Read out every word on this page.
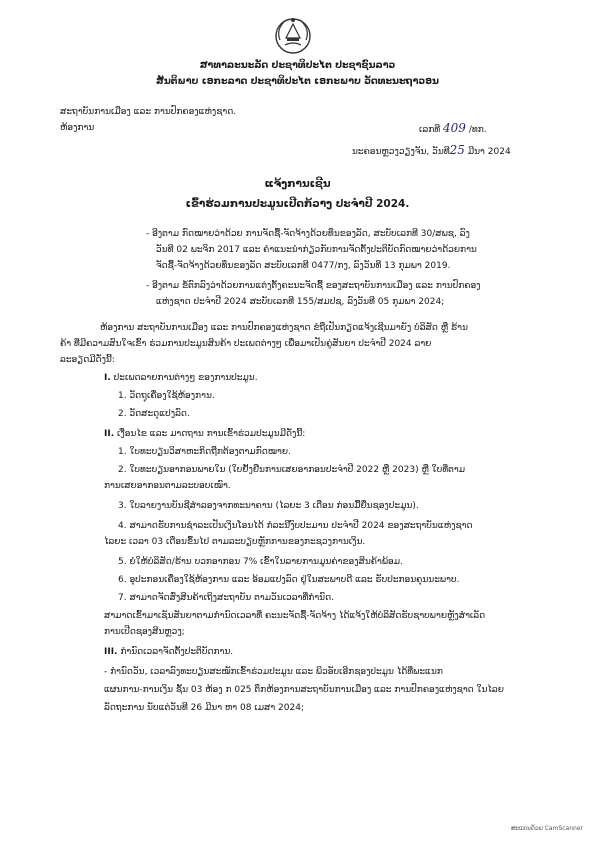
ສາທາລະນະລັດ ປະຊາທິປະໄຕ ປະຊາຊົນລາວ
ສັນຕິພາບ ເອກະລາດ ປະຊາທິປະໄຕ ເອກະພາບ ວັດທະນະຖາວອນ
ສະຖາບັນການເມືອງ ແລະ ການປົກຄອງແຫ່ງຊາດ.
ຫ້ອງການ	ເລກທີ 409 /ທກ.
ນະຄອນຫຼວງວຽງຈັນ, ວັນທີ25 ມີນາ 2024
ແຈ້ງການເຊີນ
ເຂົ້າຮ່ວມການປະມູນເປີດກ້ວາງ ປະຈໍາປີ 2024.
- ອີງຕາມ ກົດໝາຍວ່າດ້ວຍ ການຈັດຊື້-ຈັດຈ້າງດ້ວຍທຶນຂອງລັດ, ສະບັບເລກທີ 30/ສພຊ, ລົງ
ວັນທີ 02 ພະຈິກ 2017 ແລະ ຄໍາແນະນໍາກ່ຽວກັບການຈັດຕັ້ງປະຕິບັດກົດໝາຍວ່າດ້ວຍການ
ຈັດຊື້-ຈັດຈ້າງດ້ວຍທຶນຂອງລັດ ສະບັບເລກທີ 0477/ກງ, ລົງວັນທີ 13 ກຸມພາ 2019.
- ອີງຕາມ ຂໍ້ຕົກລົງວ່າດ້ວຍການແຕ່ງຕັ້ງຄະນະຈັດຊື້ ຂອງສະຖາບັນການເມືອງ ແລະ ການປົກຄອງ
ແຫ່ງຊາດ ປະຈໍາປີ 2024 ສະບັບເລກທີ 155/ສມປຊ, ລົງວັນທີ 05 ກຸມພາ 2024;
ຫ້ອງການ ສະຖາບັນການເມືອງ ແລະ ການປົກຄອງແຫ່ງຊາດ ຂໍຖືເປັນກຽດແຈ້ງເຊີນມາຍັງ ບໍລິສັດ ຫຼື ຮ້ານ
ຄ້າ ທີ່ມີຄວາມສົນໃຈເຂົ້າ ຮ່ວມການປະມູນສິນຄ້າ ປະເພດຕ່າງໆ ເພື່ອມາເປັນຄູ່ສັນຍາ ປະຈໍາປີ 2024 ລາຍ
ລະອຽດມີດັ່ງນີ້:
I. ປະເພດລາຍການຕ່າງໆ ຂອງການປະມູນ.
1. ວັດຖຸເຄື່ອງໃຊ້ຫ້ອງການ.
2. ວັດສະດຸແປງລົດ.
II. ເງື່ອນໄຂ ແລະ ມາດຖານ ການເຂົ້າຮ່ວມປະມູນມີດັ່ງນີ້:
1. ໃບທະບຽນວິສາຫະກິດຖືກຕ້ອງຕາມກົດໝາຍ.
2. ໃບທະບຽນອາກອນພາຍໃນ (ໃບຢັ້ງຢືນການເສຍອາກອນປະຈໍາປີ 2022 ຫຼື 2023) ຫຼື ໃບທີ່ຕາມ
ການເສຍອາກອນຕາມລະບອບເໝົາ.
3. ໃບລາຍງານບັນຊີສໍາລອງຈາກທະນາຄານ (ໄລຍະ 3 ເດືອນ ກ່ອນມື້ຍື່ນຊອງປະມູນ).
4. ສາມາດຮັບການຊໍາລະເປັນເງິນໂອນໄດ້ ກໍລະນີງົບປະມານ ປະຈໍາປີ 2024 ຂອງສະຖາບັນແຫ່ງຊາດ
ໄລຍະ ເວລາ 03 ເດືອນຂຶ້ນໄປ ຕາມລະບຽບຫຼັກການຂອງກະຊວງການເງິນ.
5. ຍໍໃຫ້ບໍລິສັດ/ຮ້ານ ບວກອາກອນ 7% ເຂົ້າໃນລາຍການມູນຄ່າຂອງສິນຄ້າພ້ອມ.
6. ອຸປະກອນເຄື່ອງໃຊ້ຫ້ອງການ ແລະ ອ້ອມແປງລົດ ຢູ່ໃນສະພາບດີ ແລະ ຮັບປະກອນຄຸນນະພາບ.
7. ສາມາດຈັດສົ່ງສິນຄ້າເຖິງສະຖາບັນ ຕາມວັນເວລາທີ່ກໍານົດ.
ສາມາດເຂົ້າມາເຊັນສັນຍາຕາມກໍານົດເວລາທີ່ ຄະນະຈັດຊື້-ຈັດຈ້າງ ໄດ້ແຈ້ງໃຫ້ບໍລິສັດຮັບຊາບພາຍຫຼັງສໍາເລັດ
ການເປີດຊອງສິນຫຼວງ;
III. ກໍານົດເວລາຈັດຕັ້ງປະຕິບັດການ.
- ກໍານົດວັນ, ເວລາລົງທະບຽນສະໝັກເຂົ້າຮ່ວມປະມູນ ແລະ ພິວອັບເອີກຊອງປະມູນ ໄດ້ທີ່ພະແນກ
ແຜນການ-ການເງິນ ຊັ້ນ 03 ຫ້ອງ ກ 025 ຕຶກຫ້ອງການສະຖາບັນການເມືອງ ແລະ ການປົກຄອງແຫ່ງຊາດ ໃນໄລຍ
ລັດຖະການ ນັບແຕ່ວັນທີ 26 ມີນາ ຫາ 08 ເມສາ 2024;
ສະແກນດ້ວຍ CamScanner
